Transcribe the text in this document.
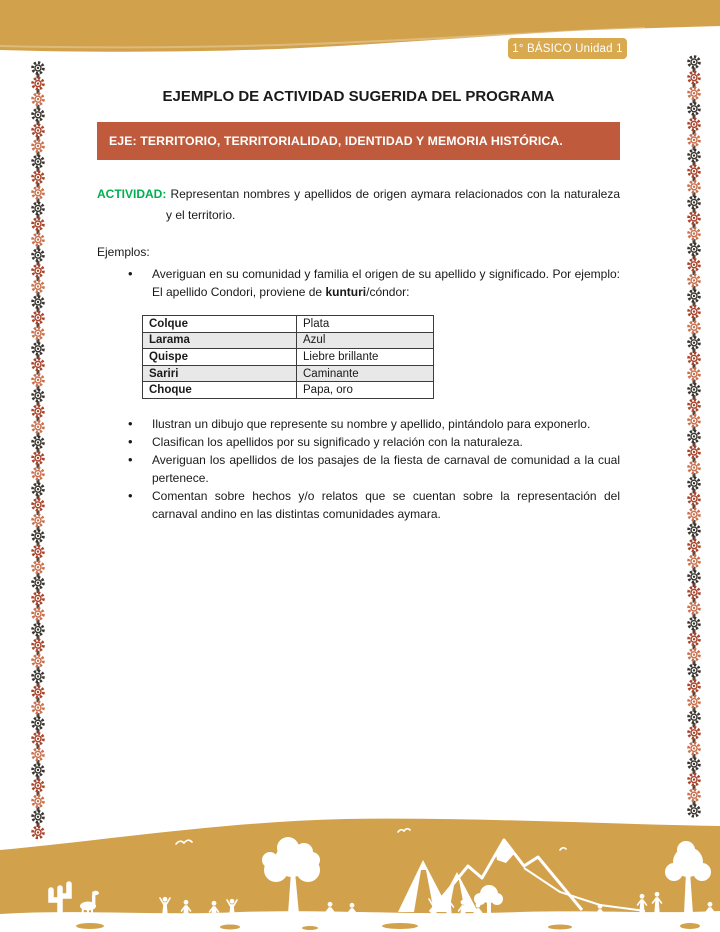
1° BÁSICO Unidad 1
EJEMPLO DE ACTIVIDAD SUGERIDA DEL PROGRAMA
EJE: TERRITORIO, TERRITORIALIDAD, IDENTIDAD Y MEMORIA HISTÓRICA.

ACTIVIDAD: Representan nombres y apellidos de origen aymara relacionados con la naturaleza y el territorio.

Ejemplos:

• Averiguan en su comunidad y familia el origen de su apellido y significado. Por ejemplo: El apellido Condori, proviene de kunturi/cóndor:
Colque	Plata
Larama	Azul
Quispe	Liebre brillante
Sariri	Caminante
Choque	Papa, oro
• Ilustran un dibujo que represente su nombre y apellido, pintándolo para exponerlo.
• Clasifican los apellidos por su significado y relación con la naturaleza.
• Averiguan los apellidos de los pasajes de la fiesta de carnaval de comunidad a la cual pertenece.
• Comentan sobre hechos y/o relatos que se cuentan sobre la representación del carnaval andino en las distintas comunidades aymara.
